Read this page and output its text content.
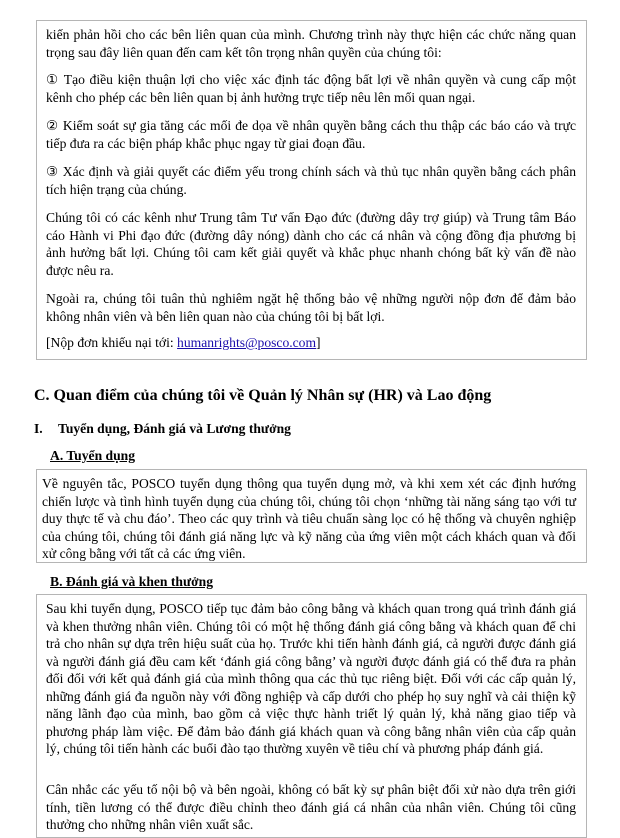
kiến phản hồi cho các bên liên quan của mình. Chương trình này thực hiện các chức năng quan trọng sau đây liên quan đến cam kết tôn trọng nhân quyền của chúng tôi:

① Tạo điều kiện thuận lợi cho việc xác định tác động bất lợi về nhân quyền và cung cấp một kênh cho phép các bên liên quan bị ảnh hưởng trực tiếp nêu lên mối quan ngại.

② Kiểm soát sự gia tăng các mối đe dọa về nhân quyền bằng cách thu thập các báo cáo và trực tiếp đưa ra các biện pháp khắc phục ngay từ giai đoạn đầu.

③ Xác định và giải quyết các điểm yếu trong chính sách và thủ tục nhân quyền bằng cách phân tích hiện trạng của chúng.

Chúng tôi có các kênh như Trung tâm Tư vấn Đạo đức (đường dây trợ giúp) và Trung tâm Báo cáo Hành vi Phi đạo đức (đường dây nóng) dành cho các cá nhân và cộng đồng địa phương bị ảnh hưởng bất lợi. Chúng tôi cam kết giải quyết và khắc phục nhanh chóng bất kỳ vấn đề nào được nêu ra.

Ngoài ra, chúng tôi tuân thủ nghiêm ngặt hệ thống bảo vệ những người nộp đơn để đảm bảo không nhân viên và bên liên quan nào của chúng tôi bị bất lợi.

[Nộp đơn khiếu nại tới: humanrights@posco.com]

C. Quan điểm của chúng tôi về Quản lý Nhân sự (HR) và Lao động
I. Tuyển dụng, Đánh giá và Lương thưởng
A. Tuyển dụng

Về nguyên tắc, POSCO tuyển dụng thông qua tuyển dụng mở, và khi xem xét các định hướng chiến lược và tình hình tuyển dụng của chúng tôi, chúng tôi chọn ‘những tài năng sáng tạo với tư duy thực tế và chu đáo’. Theo các quy trình và tiêu chuẩn sàng lọc có hệ thống và chuyên nghiệp của chúng tôi, chúng tôi đánh giá năng lực và kỹ năng của ứng viên một cách khách quan và đối xử công bằng với tất cả các ứng viên.

B. Đánh giá và khen thưởng

Sau khi tuyển dụng, POSCO tiếp tục đảm bảo công bằng và khách quan trong quá trình đánh giá và khen thưởng nhân viên. Chúng tôi có một hệ thống đánh giá công bằng và khách quan để chi trả cho nhân sự dựa trên hiệu suất của họ. Trước khi tiến hành đánh giá, cả người được đánh giá và người đánh giá đều cam kết ‘đánh giá công bằng’ và người được đánh giá có thể đưa ra phản đối đối với kết quả đánh giá của mình thông qua các thủ tục riêng biệt. Đối với các cấp quản lý, những đánh giá đa nguồn này với đồng nghiệp và cấp dưới cho phép họ suy nghĩ và cải thiện kỹ năng lãnh đạo của mình, bao gồm cả việc thực hành triết lý quản lý, khả năng giao tiếp và phương pháp làm việc. Để đảm bảo đánh giá khách quan và công bằng nhân viên của cấp quản lý, chúng tôi tiến hành các buổi đào tạo thường xuyên về tiêu chí và phương pháp đánh giá.

Cân nhắc các yếu tố nội bộ và bên ngoài, không có bất kỳ sự phân biệt đối xử nào dựa trên giới tính, tiền lương có thể được điều chỉnh theo đánh giá cá nhân của nhân viên. Chúng tôi cũng thưởng cho những nhân viên xuất sắc.
